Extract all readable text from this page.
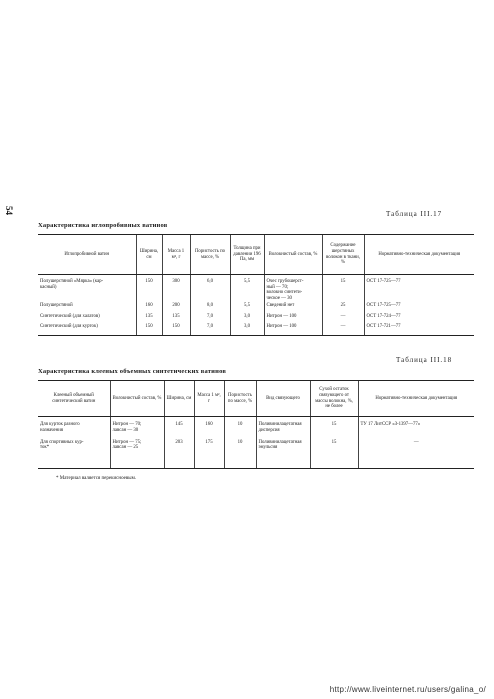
54	Таблица III.17
Характеристика иглопробивных ватинов
Иглопробивной ватин	Ширина, см	Масса 1 м², г	Пористость по массе, %	Толщина при давлении 196 Па, мм	Волокнистый состав, %	Содержание шерстяных волокон в ткани, %	Нормативно-техническая документация
Полушерстяной «Мярка» (кар-
касный)	150	300	6,0	5,5	Очес грубошерст-
ный — 70;
волокно синтети-
ческое — 30	15	ОСТ 17-725—77
Полушерстяной	160	200	8,0	5,5	Сведений нет	25	ОСТ 17-725—77
Синтетический (для халатов)	135	135	7,0	3,0	Нитрон — 100	—	ОСТ 17-724—77
Синтетический (для курток)	150	150	7,0	3,0	Нитрон — 100	—	ОСТ 17-721—77
Таблица III.18
Характеристика клееных объемных синтетических ватинов
Клееный объемный синтетический ватин	Волокнистый состав, %	Ширина, см	Масса 1 м², г	Пористость по массе, %	Вид связующего	Сухой остаток связующего от массы волокна, %, не более	Нормативно-техническая документация
Для курток разного
назначения	Нитрон — 70;
лавсан — 30	145	160	10	Поливинилацетатная
дисперсия	15	ТУ 17 ЛитССР «З-1397—77»
Для спортивных кур-
ток*	Нитрон — 75;
лавсан — 25	203	175	10	Поливинилацетатная
эмульсия	15	—
* Материал валяется перекисноевым.
http://www.liveinternet.ru/users/galina_o/
